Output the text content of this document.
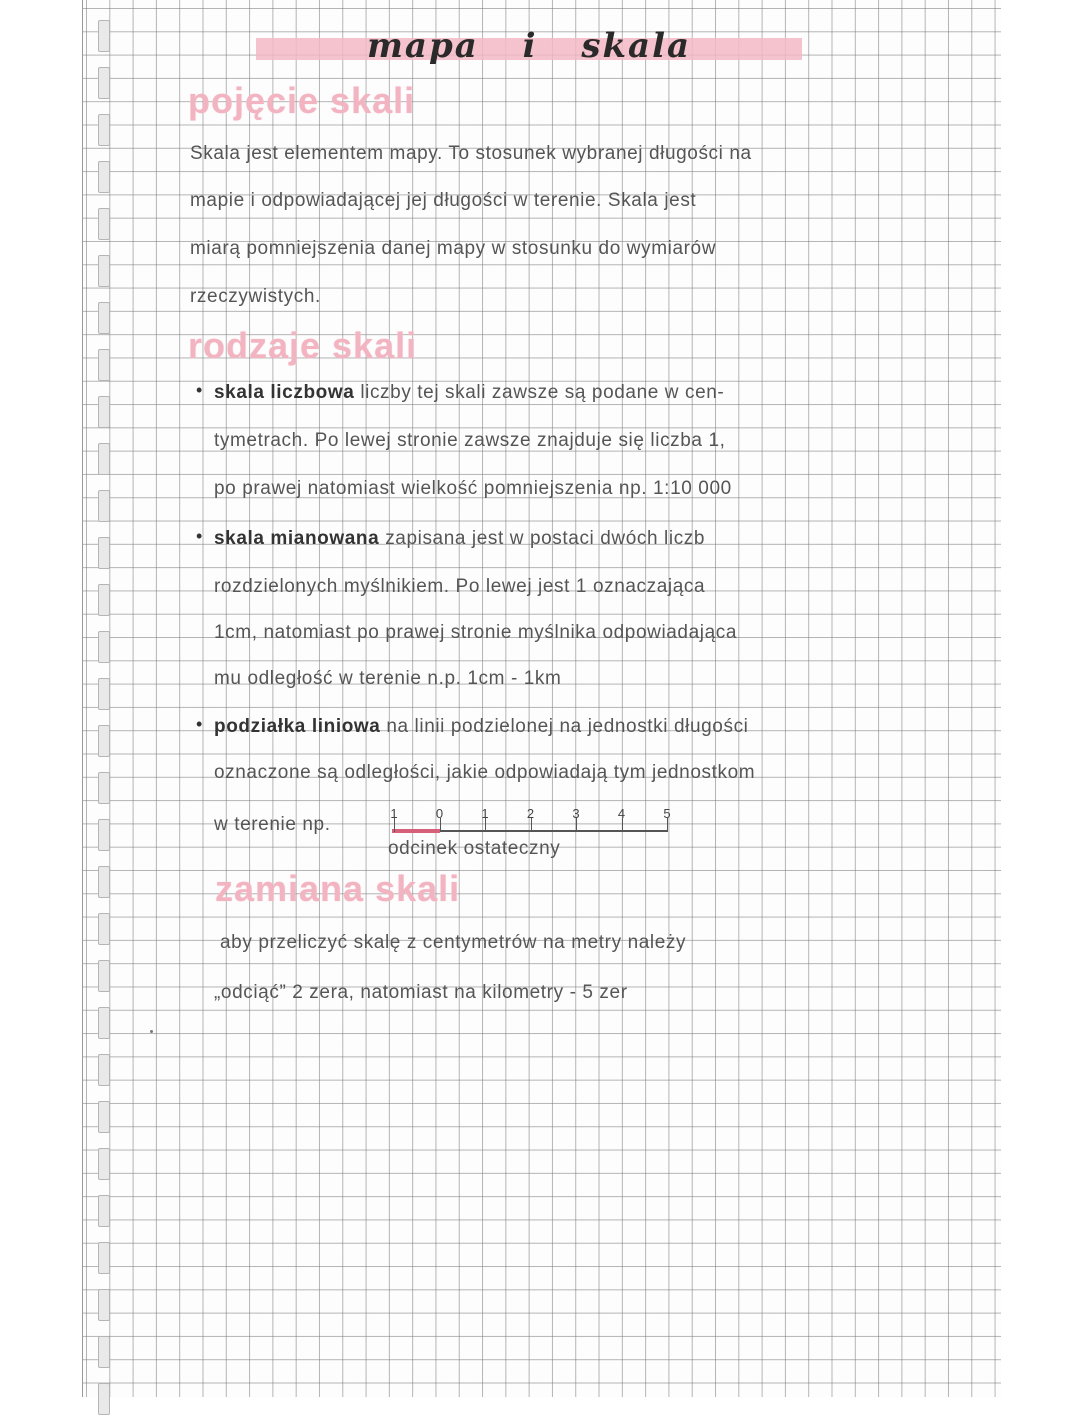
mapa i skala
pojęcie skali
Skala jest elementem mapy. To stosunek wybranej długości na
mapie i odpowiadającej jej długości w terenie. Skala jest
miarą pomniejszenia danej mapy w stosunku do wymiarów
rzeczywistych.
rodzaje skali
• skala liczbowa liczby tej skali zawsze są podane w cen-
tymetrach. Po lewej stronie zawsze znajduje się liczba 1,
po prawej natomiast wielkość pomniejszenia np. 1:10 000
• skala mianowana zapisana jest w postaci dwóch liczb
rozdzielonych myślnikiem. Po lewej jest 1 oznaczająca
1cm, natomiast po prawej stronie myślnika odpowiadająca
mu odległość w terenie n.p. 1cm - 1km
• podziałka liniowa na linii podzielonej na jednostki długości
oznaczone są odległości, jakie odpowiadają tym jednostkom
w terenie np.
1	0	1	2	3	4	5
odcinek ostateczny
zamiana skali
aby przeliczyć skalę z centymetrów na metry należy
„odciąć” 2 zera, natomiast na kilometry - 5 zer
